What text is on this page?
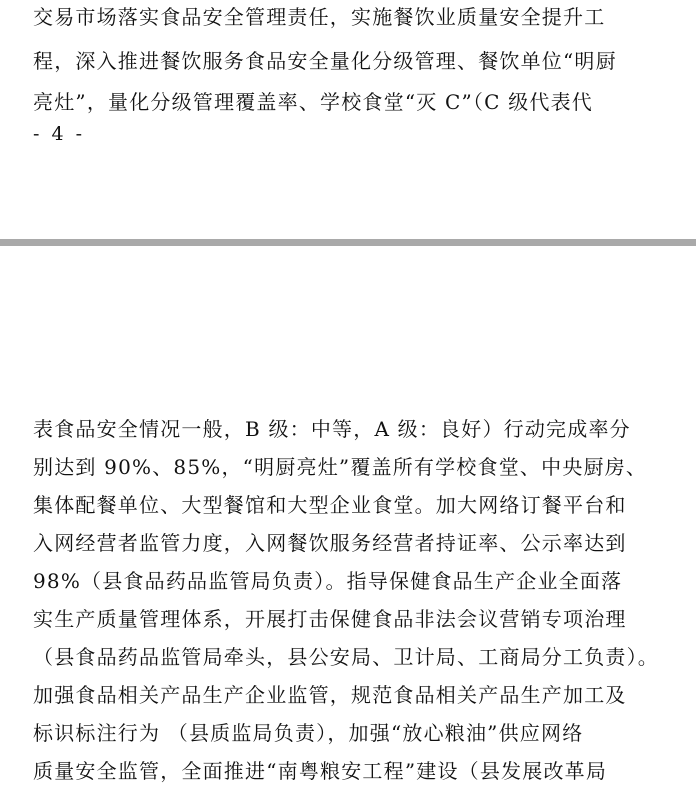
交易市场落实食品安全管理责任，实施餐饮业质量安全提升工
程，深入推进餐饮服务食品安全量化分级管理、餐饮单位“明厨
亮灶”，量化分级管理覆盖率、学校食堂“灭 C”（C 级代表代
- 4 -
表食品安全情况一般，B 级：中等，A 级：良好）行动完成率分
别达到 90%、85%，“明厨亮灶”覆盖所有学校食堂、中央厨房、
集体配餐单位、大型餐馆和大型企业食堂。加大网络订餐平台和
入网经营者监管力度，入网餐饮服务经营者持证率、公示率达到
98%（县食品药品监管局负责）。指导保健食品生产企业全面落
实生产质量管理体系，开展打击保健食品非法会议营销专项治理
（县食品药品监管局牵头，县公安局、卫计局、工商局分工负责）。
加强食品相关产品生产企业监管，规范食品相关产品生产加工及
标识标注行为 （县质监局负责），加强“放心粮油”供应网络
质量安全监管，全面推进“南粤粮安工程”建设（县发展改革局
